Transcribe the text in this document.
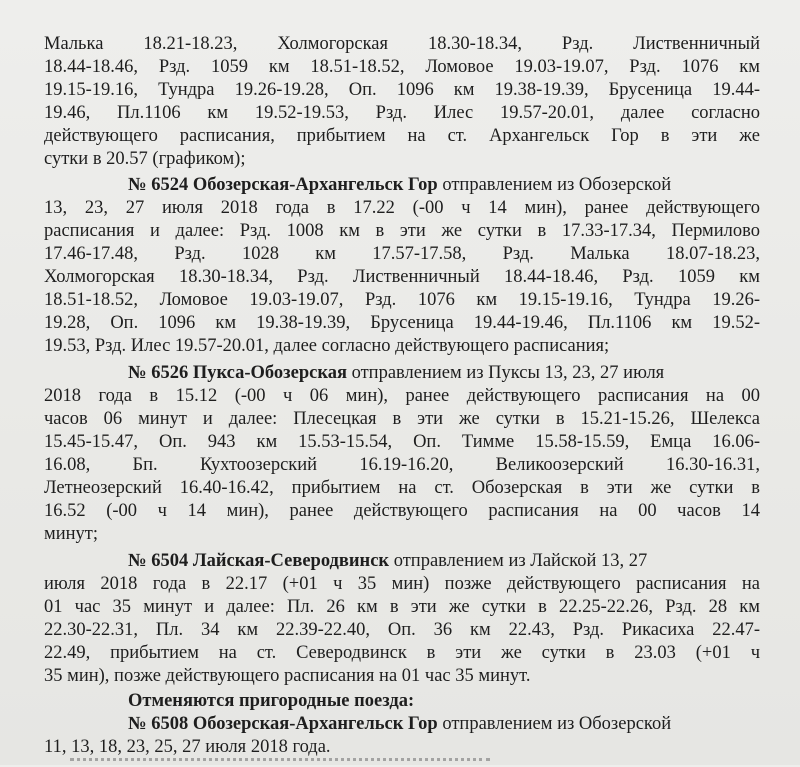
Малька 18.21-18.23, Холмогорская 18.30-18.34, Рзд. Лиственничный
18.44-18.46, Рзд. 1059 км 18.51-18.52, Ломовое 19.03-19.07, Рзд. 1076 км
19.15-19.16, Тундра 19.26-19.28, Оп. 1096 км 19.38-19.39, Брусеница 19.44-
19.46, Пл.1106 км 19.52-19.53, Рзд. Илес 19.57-20.01, далее согласно
действующего расписания, прибытием на ст. Архангельск Гор в эти же
сутки в 20.57 (графиком);
№ 6524 Обозерская-Архангельск Гор отправлением из Обозерской
13, 23, 27 июля 2018 года в 17.22 (-00 ч 14 мин), ранее действующего
расписания и далее: Рзд. 1008 км в эти же сутки в 17.33-17.34, Пермилово
17.46-17.48, Рзд. 1028 км 17.57-17.58, Рзд. Малька 18.07-18.23,
Холмогорская 18.30-18.34, Рзд. Лиственничный 18.44-18.46, Рзд. 1059 км
18.51-18.52, Ломовое 19.03-19.07, Рзд. 1076 км 19.15-19.16, Тундра 19.26-
19.28, Оп. 1096 км 19.38-19.39, Брусеница 19.44-19.46, Пл.1106 км 19.52-
19.53, Рзд. Илес 19.57-20.01, далее согласно действующего расписания;
№ 6526 Пукса-Обозерская отправлением из Пуксы 13, 23, 27 июля
2018 года в 15.12 (-00 ч 06 мин), ранее действующего расписания на 00
часов 06 минут и далее: Плесецкая в эти же сутки в 15.21-15.26, Шелекса
15.45-15.47, Оп. 943 км 15.53-15.54, Оп. Тимме 15.58-15.59, Емца 16.06-
16.08, Бп. Кухтоозерский 16.19-16.20, Великоозерский 16.30-16.31,
Летнеозерский 16.40-16.42, прибытием на ст. Обозерская в эти же сутки в
16.52 (-00 ч 14 мин), ранее действующего расписания на 00 часов 14
минут;
№ 6504 Лайская-Северодвинск отправлением из Лайской 13, 27
июля 2018 года в 22.17 (+01 ч 35 мин) позже действующего расписания на
01 час 35 минут и далее: Пл. 26 км в эти же сутки в 22.25-22.26, Рзд. 28 км
22.30-22.31, Пл. 34 км 22.39-22.40, Оп. 36 км 22.43, Рзд. Рикасиха 22.47-
22.49, прибытием на ст. Северодвинск в эти же сутки в 23.03 (+01 ч
35 мин), позже действующего расписания на 01 час 35 минут.
Отменяются пригородные поезда:
№ 6508 Обозерская-Архангельск Гор отправлением из Обозерской
11, 13, 18, 23, 25, 27 июля 2018 года.
